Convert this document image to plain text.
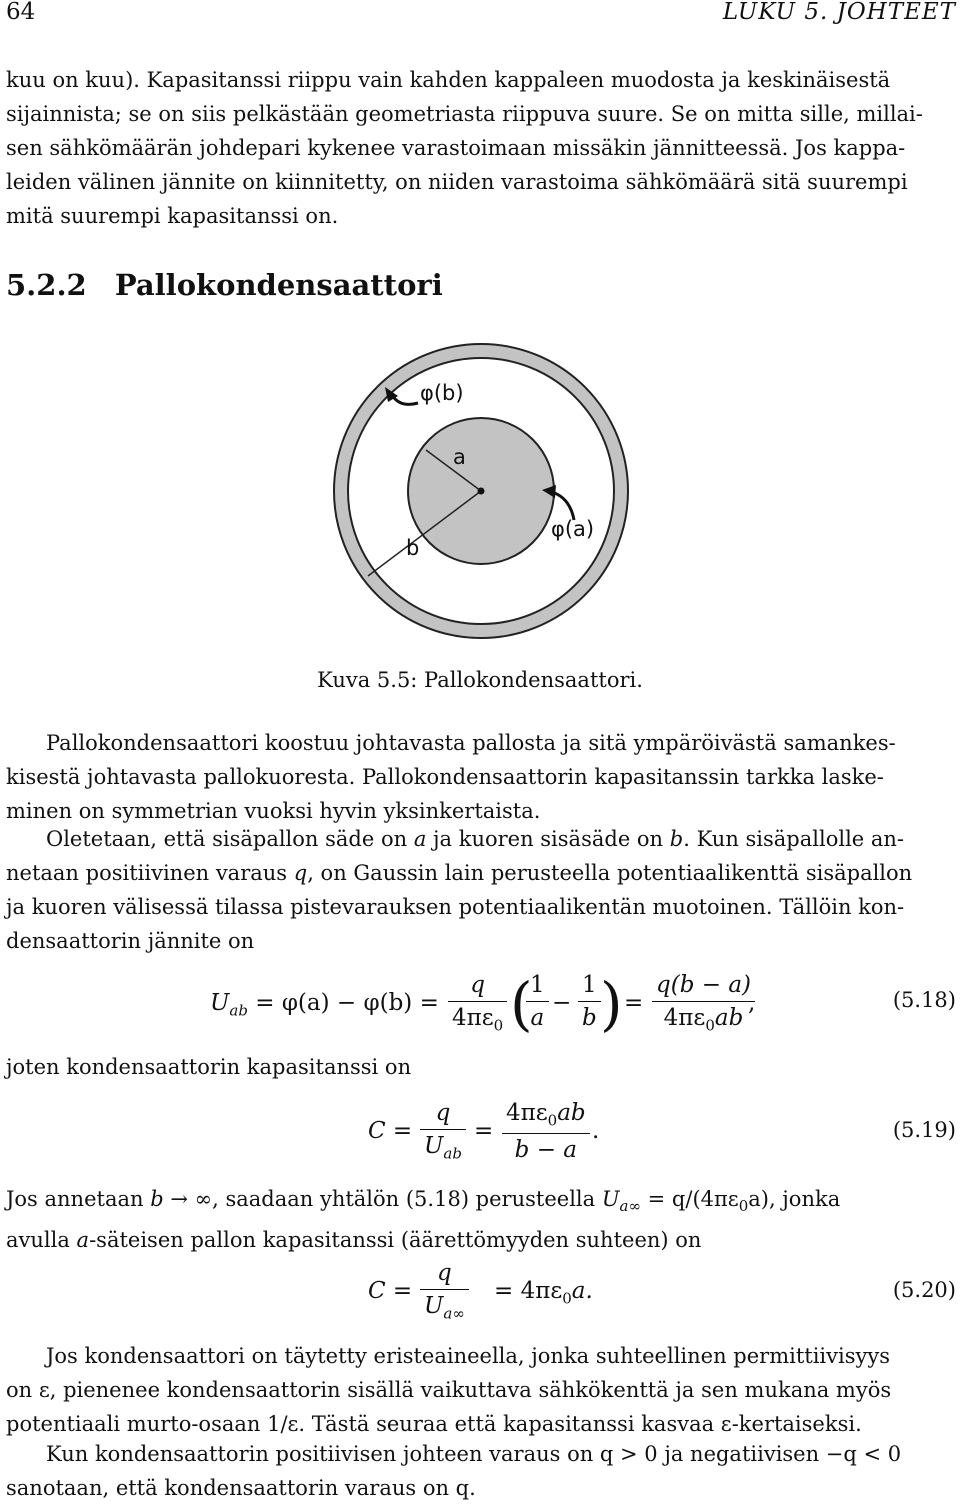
64	LUKU 5. JOHTEET
kuu on kuu). Kapasitanssi riippu vain kahden kappaleen muodosta ja keskinäisestä
sijainnista; se on siis pelkästään geometriasta riippuva suure. Se on mitta sille, millai-
sen sähkömäärän johdepari kykenee varastoimaan missäkin jännitteessä. Jos kappa-
leiden välinen jännite on kiinnitetty, on niiden varastoima sähkömäärä sitä suurempi
mitä suurempi kapasitanssi on.
5.2.2 Pallokondensaattori
φ(b)
a
b
φ(a)
Kuva 5.5: Pallokondensaattori.
Pallokondensaattori koostuu johtavasta pallosta ja sitä ympäröivästä samankes-
kisestä johtavasta pallokuoresta. Pallokondensaattorin kapasitanssin tarkka laske-
minen on symmetrian vuoksi hyvin yksinkertaista.
Oletetaan, että sisäpallon säde on a ja kuoren sisäsäde on b. Kun sisäpallolle an-
netaan positiivinen varaus q, on Gaussin lain perusteella potentiaalikenttä sisäpallon
ja kuoren välisessä tilassa pistevarauksen potentiaalikentän muotoinen. Tällöin kon-
densaattorin jännite on
$U_{ab} = \varphi(a) - \varphi(b) = \frac{q}{4\pi\varepsilon_0}$ (
$\frac{1}{a} - \frac{1}{b}$ ) = $\frac{q(b - a)}{4\pi\varepsilon_0ab}$
,	(5.18)
joten kondensaattorin kapasitanssi on
C =
q
$U_{ab}$
= $\frac{4\pi\varepsilon_0ab}{b - a}$ .	(5.19)
Jos annetaan b → ∞, saadaan yhtälön (5.18) perusteella $U_{a\infty} = q/(4\pi\varepsilon_0a)$, jonka
avulla a-säteisen pallon kapasitanssi (äärettömyyden suhteen) on
$C = \frac{q}{U_{a\infty}} = 4\pi\varepsilon_0a$.	(5.20)
Jos kondensaattori on täytetty eristeaineella, jonka suhteellinen permittiivisyys
on ε, pienenee kondensaattorin sisällä vaikuttava sähkökenttä ja sen mukana myös
potentiaali murto-osaan 1/ε. Tästä seuraa että kapasitanssi kasvaa ε-kertaiseksi.
Kun kondensaattorin positiivisen johteen varaus on q > 0 ja negatiivisen −q < 0
sanotaan, että kondensaattorin varaus on q.
